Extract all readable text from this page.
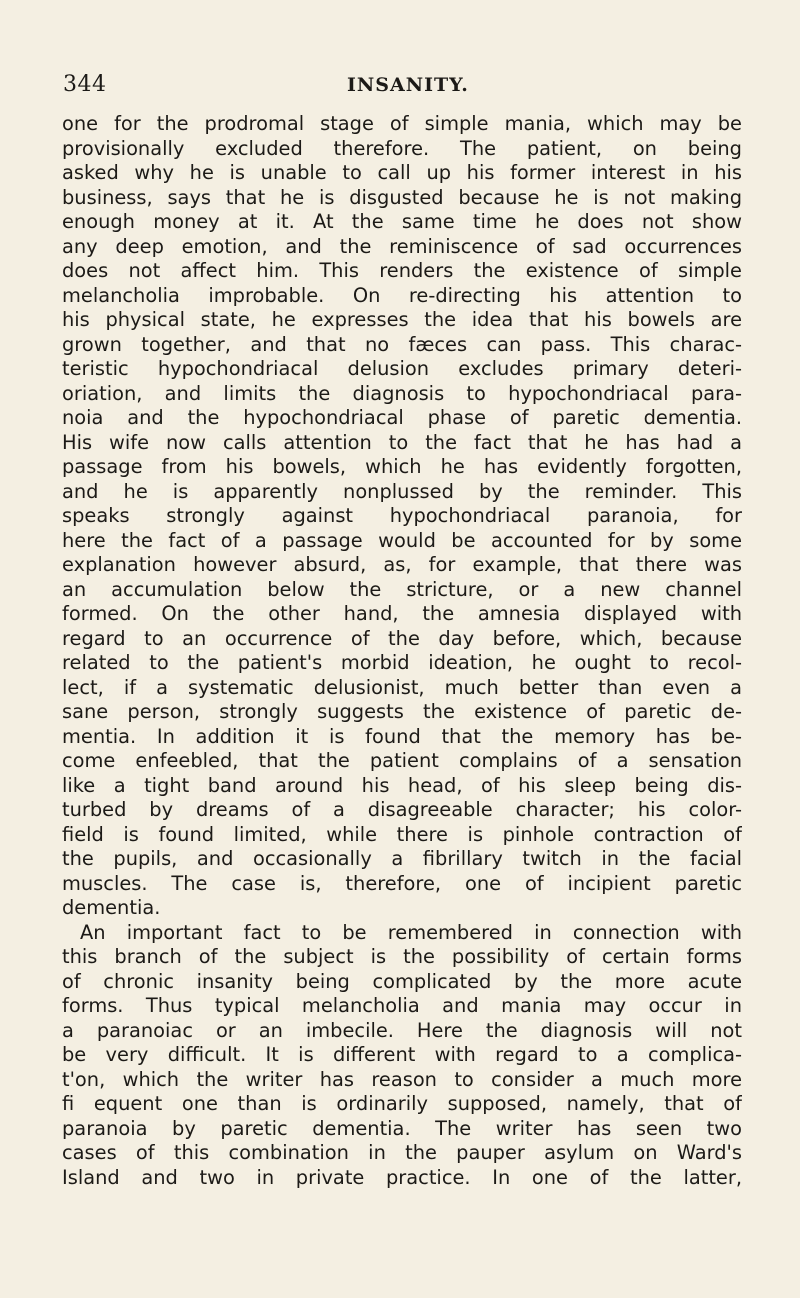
344	INSANITY.
one for the prodromal stage of simple mania, which may be
provisionally excluded therefore. The patient, on being
asked why he is unable to call up his former interest in his
business, says that he is disgusted because he is not making
enough money at it. At the same time he does not show
any deep emotion, and the reminiscence of sad occurrences
does not affect him. This renders the existence of simple
melancholia improbable. On re-directing his attention to
his physical state, he expresses the idea that his bowels are
grown together, and that no fæces can pass. This charac-
teristic hypochondriacal delusion excludes primary deteri-
oriation, and limits the diagnosis to hypochondriacal para-
noia and the hypochondriacal phase of paretic dementia.
His wife now calls attention to the fact that he has had a
passage from his bowels, which he has evidently forgotten,
and he is apparently nonplussed by the reminder. This
speaks strongly against hypochondriacal paranoia, for
here the fact of a passage would be accounted for by some
explanation however absurd, as, for example, that there was
an accumulation below the stricture, or a new channel
formed. On the other hand, the amnesia displayed with
regard to an occurrence of the day before, which, because
related to the patient's morbid ideation, he ought to recol-
lect, if a systematic delusionist, much better than even a
sane person, strongly suggests the existence of paretic de-
mentia. In addition it is found that the memory has be-
come enfeebled, that the patient complains of a sensation
like a tight band around his head, of his sleep being dis-
turbed by dreams of a disagreeable character; his color-
field is found limited, while there is pinhole contraction of
the pupils, and occasionally a fibrillary twitch in the facial
muscles. The case is, therefore, one of incipient paretic
dementia.
An important fact to be remembered in connection with
this branch of the subject is the possibility of certain forms
of chronic insanity being complicated by the more acute
forms. Thus typical melancholia and mania may occur in
a paranoiac or an imbecile. Here the diagnosis will not
be very difficult. It is different with regard to a complica-
t'on, which the writer has reason to consider a much more
fi equent one than is ordinarily supposed, namely, that of
paranoia by paretic dementia. The writer has seen two
cases of this combination in the pauper asylum on Ward's
Island and two in private practice. In one of the latter,
